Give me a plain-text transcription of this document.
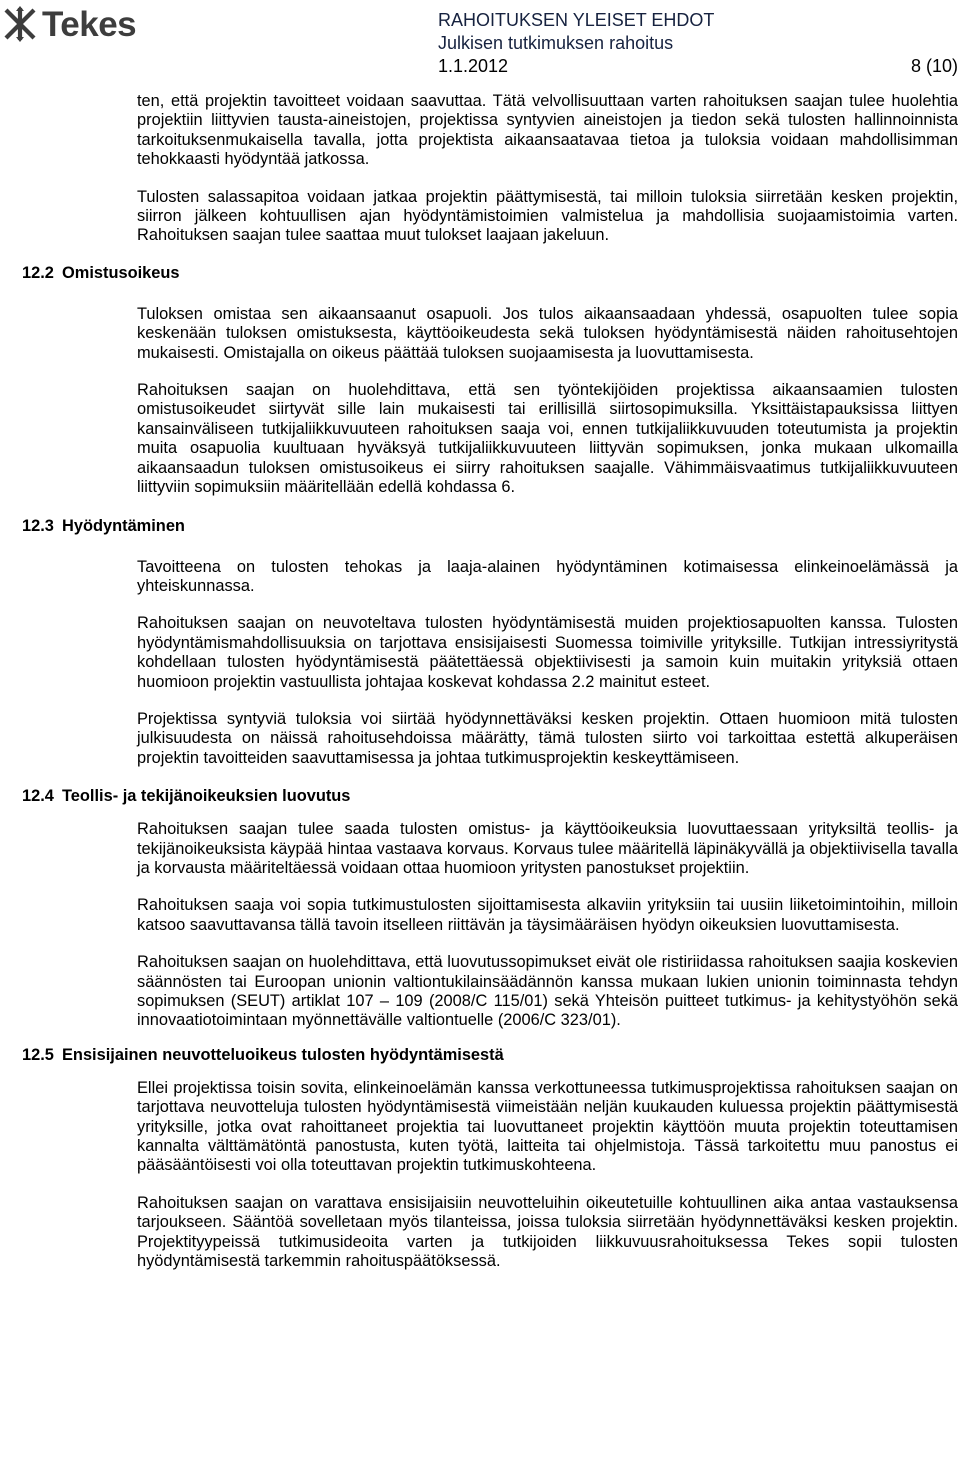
Tekes	RAHOITUKSEN YLEISET EHDOT
Julkisen tutkimuksen rahoitus
1.1.2012	8 (10)

ten, että projektin tavoitteet voidaan saavuttaa. Tätä velvollisuuttaan varten rahoituksen saajan tulee huolehtia projektiin liittyvien tausta-aineistojen, projektissa syntyvien aineistojen ja tiedon sekä tulosten hallinnoinnista tarkoituksenmukaisella tavalla, jotta projektista aikaansaatavaa tietoa ja tuloksia voidaan mahdollisimman tehokkaasti hyödyntää jatkossa.

Tulosten salassapitoa voidaan jatkaa projektin päättymisestä, tai milloin tuloksia siirretään kesken projektin, siirron jälkeen kohtuullisen ajan hyödyntämistoimien valmistelua ja mahdollisia suojaamistoimia varten. Rahoituksen saajan tulee saattaa muut tulokset laajaan jakeluun.

12.2 Omistusoikeus

Tuloksen omistaa sen aikaansaanut osapuoli. Jos tulos aikaansaadaan yhdessä, osapuolten tulee sopia keskenään tuloksen omistuksesta, käyttöoikeudesta sekä tuloksen hyödyntämisestä näiden rahoitusehtojen mukaisesti. Omistajalla on oikeus päättää tuloksen suojaamisesta ja luovuttamisesta.

Rahoituksen saajan on huolehdittava, että sen työntekijöiden projektissa aikaansaamien tulosten omistusoikeudet siirtyvät sille lain mukaisesti tai erillisillä siirtosopimuksilla. Yksittäistapauksissa liittyen kansainväliseen tutkijaliikkuvuuteen rahoituksen saaja voi, ennen tutkijaliikkuvuuden toteutumista ja projektin muita osapuolia kuultuaan hyväksyä tutkijaliikkuvuuteen liittyvän sopimuksen, jonka mukaan ulkomailla aikaansaadun tuloksen omistusoikeus ei siirry rahoituksen saajalle. Vähimmäisvaatimus tutkijaliikkuvuuteen liittyviin sopimuksiin määritellään edellä kohdassa 6.

12.3 Hyödyntäminen

Tavoitteena on tulosten tehokas ja laaja-alainen hyödyntäminen kotimaisessa elinkeinoelämässä ja yhteiskunnassa.

Rahoituksen saajan on neuvoteltava tulosten hyödyntämisestä muiden projektiosapuolten kanssa. Tulosten hyödyntämismahdollisuuksia on tarjottava ensisijaisesti Suomessa toimiville yrityksille. Tutkijan intressiyritystä kohdellaan tulosten hyödyntämisestä päätettäessä objektiivisesti ja samoin kuin muitakin yrityksiä ottaen huomioon projektin vastuullista johtajaa koskevat kohdassa 2.2 mainitut esteet.

Projektissa syntyviä tuloksia voi siirtää hyödynnettäväksi kesken projektin. Ottaen huomioon mitä tulosten julkisuudesta on näissä rahoitusehdoissa määrätty, tämä tulosten siirto voi tarkoittaa estettä alkuperäisen projektin tavoitteiden saavuttamisessa ja johtaa tutkimusprojektin keskeyttämiseen.

12.4 Teollis- ja tekijänoikeuksien luovutus

Rahoituksen saajan tulee saada tulosten omistus- ja käyttöoikeuksia luovuttaessaan yrityksiltä teollis- ja tekijänoikeuksista käypää hintaa vastaava korvaus. Korvaus tulee määritellä läpinäkyvällä ja objektiivisella tavalla ja korvausta määriteltäessä voidaan ottaa huomioon yritysten panostukset projektiin.

Rahoituksen saaja voi sopia tutkimustulosten sijoittamisesta alkaviin yrityksiin tai uusiin liiketoimintoihin, milloin katsoo saavuttavansa tällä tavoin itselleen riittävän ja täysimääräisen hyödyn oikeuksien luovuttamisesta.

Rahoituksen saajan on huolehdittava, että luovutussopimukset eivät ole ristiriidassa rahoituksen saajia koskevien säännösten tai Euroopan unionin valtiontukilainsäädännön kanssa mukaan lukien unionin toiminnasta tehdyn sopimuksen (SEUT) artiklat 107 – 109 (2008/C 115/01) sekä Yhteisön puitteet tutkimus- ja kehitystyöhön sekä innovaatiotoimintaan myönnettävälle valtiontuelle (2006/C 323/01).

12.5 Ensisijainen neuvotteluoikeus tulosten hyödyntämisestä

Ellei projektissa toisin sovita, elinkeinoelämän kanssa verkottuneessa tutkimusprojektissa rahoituksen saajan on tarjottava neuvotteluja tulosten hyödyntämisestä viimeistään neljän kuukauden kuluessa projektin päättymisestä yrityksille, jotka ovat rahoittaneet projektia tai luovuttaneet projektin käyttöön muuta projektin toteuttamisen kannalta välttämätöntä panostusta, kuten työtä, laitteita tai ohjelmistoja. Tässä tarkoitettu muu panostus ei pääsääntöisesti voi olla toteuttavan projektin tutkimuskohteena.

Rahoituksen saajan on varattava ensisijaisiin neuvotteluihin oikeutetuille kohtuullinen aika antaa vastauksensa tarjoukseen. Sääntöä sovelletaan myös tilanteissa, joissa tuloksia siirretään hyödynnettäväksi kesken projektin. Projektityypeissä tutkimusideoita varten ja tutkijoiden liikkuvuusrahoituksessa Tekes sopii tulosten hyödyntämisestä tarkemmin rahoituspäätöksessä.
